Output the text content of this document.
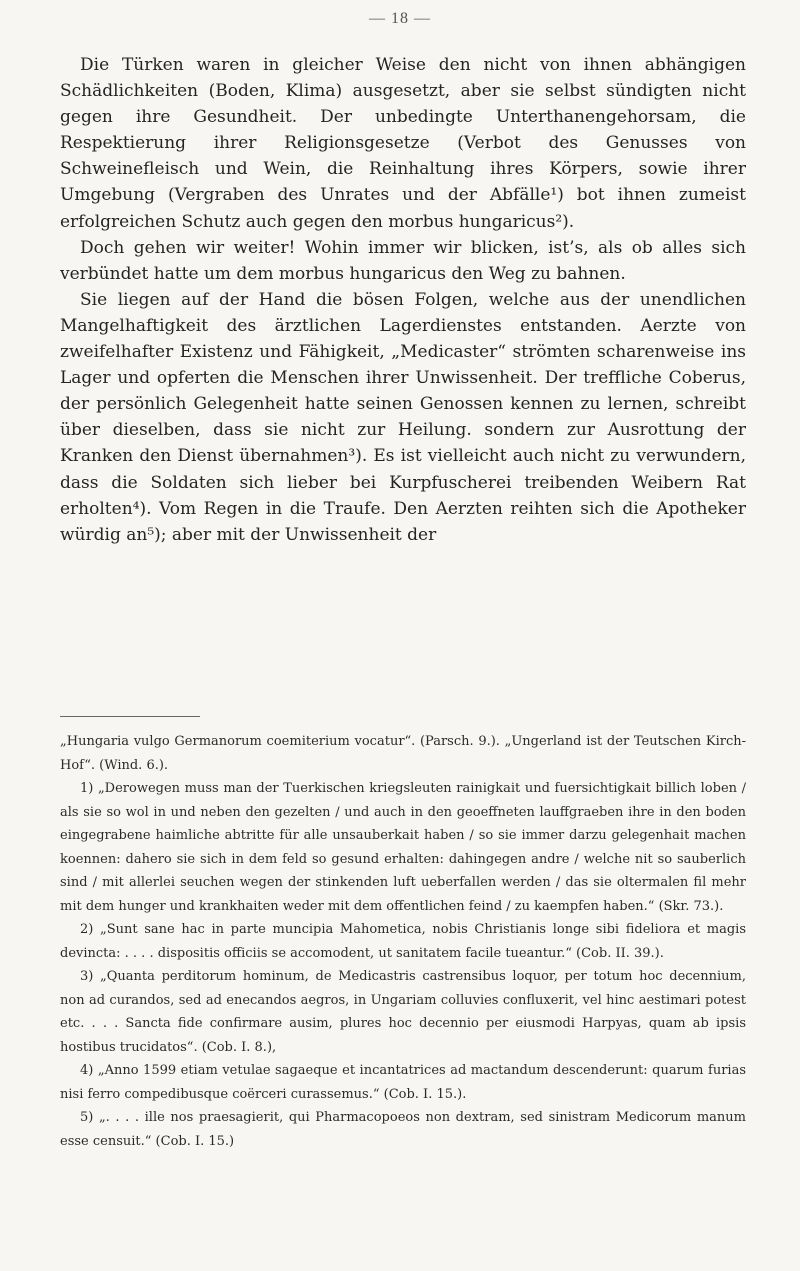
— 18 —

Die Türken waren in gleicher Weise den nicht von ihnen abhängigen Schädlichkeiten (Boden, Klima) ausgesetzt, aber sie selbst sündigten nicht gegen ihre Gesundheit. Der unbedingte Unterthanengehorsam, die Respektierung ihrer Religionsgesetze (Verbot des Genusses von Schweinefleisch und Wein, die Reinhaltung ihres Körpers, sowie ihrer Umgebung (Vergraben des Unrates und der Abfälle¹) bot ihnen zumeist erfolgreichen Schutz auch gegen den morbus hungaricus²).

Doch gehen wir weiter! Wohin immer wir blicken, ist’s, als ob alles sich verbündet hatte um dem morbus hungaricus den Weg zu bahnen.

Sie liegen auf der Hand die bösen Folgen, welche aus der unendlichen Mangelhaftigkeit des ärztlichen Lagerdienstes entstanden. Aerzte von zweifelhafter Existenz und Fähigkeit, „Medicaster“ strömten scharenweise ins Lager und opferten die Menschen ihrer Unwissenheit. Der treffliche Coberus, der persönlich Gelegenheit hatte seinen Genossen kennen zu lernen, schreibt über dieselben, dass sie nicht zur Heilung. sondern zur Ausrottung der Kranken den Dienst übernahmen³). Es ist vielleicht auch nicht zu verwundern, dass die Soldaten sich lieber bei Kurpfuscherei treibenden Weibern Rat erholten⁴). Vom Regen in die Traufe. Den Aerzten reihten sich die Apotheker würdig an⁵); aber mit der Unwissenheit der

„Hungaria vulgo Germanorum coemiterium vocatur“. (Parsch. 9.). „Ungerland ist der Teutschen Kirch-Hof“. (Wind. 6.).

1) „Derowegen muss man der Tuerkischen kriegsleuten rainigkait und fuersichtigkait billich loben / als sie so wol in und neben den gezelten / und auch in den geoeffneten lauffgraeben ihre in den boden eingegrabene haimliche abtritte für alle unsauberkait haben / so sie immer darzu gelegenhait machen koennen: dahero sie sich in dem feld so gesund erhalten: dahingegen andre / welche nit so sauberlich sind / mit allerlei seuchen wegen der stinkenden luft ueberfallen werden / das sie oltermalen fil mehr mit dem hunger und krankhaiten weder mit dem offentlichen feind / zu kaempfen haben.“ (Skr. 73.).

2) „Sunt sane hac in parte muncipia Mahometica, nobis Christianis longe sibi fideliora et magis devincta: . . . . dispositis officiis se accomodent, ut sanitatem facile tueantur.“ (Cob. II. 39.).

3) „Quanta perditorum hominum, de Medicastris castrensibus loquor, per totum hoc decennium, non ad curandos, sed ad enecandos aegros, in Ungariam colluvies confluxerit, vel hinc aestimari potest etc. . . . Sancta fide confirmare ausim, plures hoc decennio per eiusmodi Harpyas, quam ab ipsis hostibus trucidatos“. (Cob. I. 8.),

4) „Anno 1599 etiam vetulae sagaeque et incantatrices ad mactandum descenderunt: quarum furias nisi ferro compedibusque coërceri curassemus.“ (Cob. I. 15.).

5) „. . . . ille nos praesagierit, qui Pharmacopoeos non dextram, sed sinistram Medicorum manum esse censuit.“ (Cob. I. 15.)
